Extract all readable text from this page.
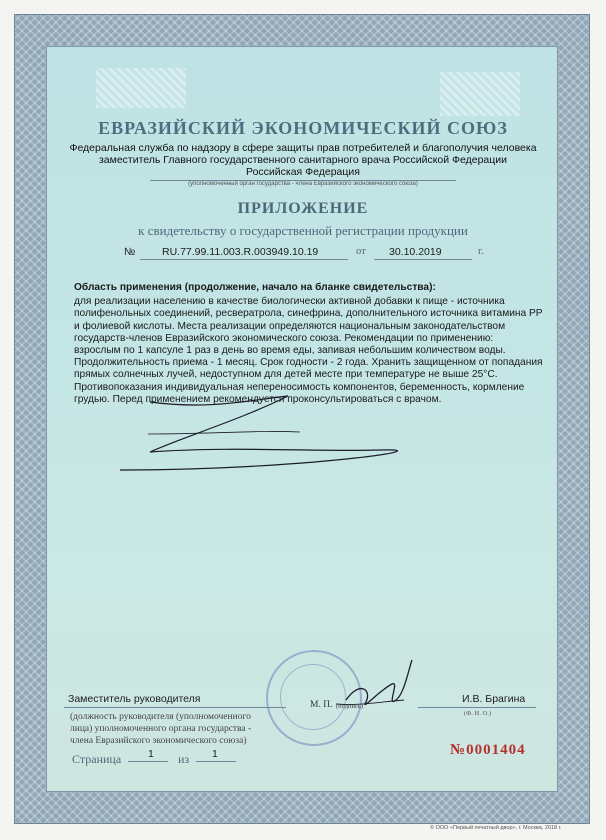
ЕВРАЗИЙСКИЙ ЭКОНОМИЧЕСКИЙ СОЮЗ
Федеральная служба по надзору в сфере защиты прав потребителей и благополучия человека
заместитель Главного государственного санитарного врача Российской Федерации
Российская Федерация
(уполномоченный орган государства - члена Евразийского экономического союза)
ПРИЛОЖЕНИЕ
к свидетельству о государственной регистрации продукции
№	RU.77.99.11.003.R.003949.10.19	от 30.10.2019	г.
Область применения (продолжение, начало на бланке свидетельства):
для реализации населению в качестве биологически активной добавки к пище - источника
полифенольных соединений, ресвератрола, синефрина, дополнительного источника витамина PP
и фолиевой кислоты. Места реализации определяются национальным законодательством
государств-членов Евразийского экономического союза. Рекомендации по применению:
взрослым по 1 капсуле 1 раз в день во время еды, запивая небольшим количеством воды.
Продолжительность приема - 1 месяц. Срок годности - 2 года. Хранить защищенном от попадания
прямых солнечных лучей, недоступном для детей месте при температуре не выше 25°C.
Противопоказания индивидуальная непереносимость компонентов, беременность, кормление
грудью. Перед применением рекомендуется проконсультироваться с врачом.
Заместитель руководителя	М. П. (подпись)
И.В. Брагина
(Ф. И. О.)
(должность руководителя (уполномоченного
лица) уполномоченного органа государства -
члена Евразийского экономического союза)
Страница	1 из 1	№0001404
© ООО «Первый печатный двор», г. Москва, 2018 г.
